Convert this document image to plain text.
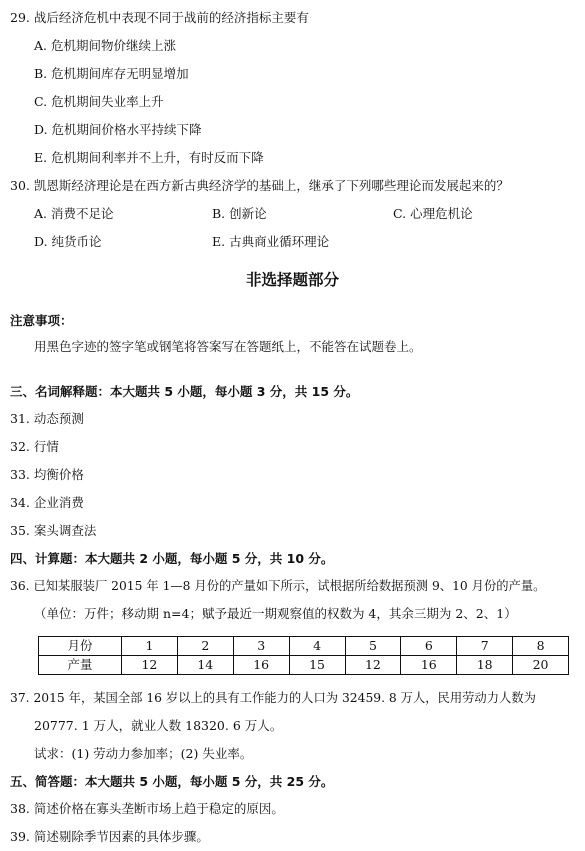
29. 战后经济危机中表现不同于战前的经济指标主要有
A. 危机期间物价继续上涨
B. 危机期间库存无明显增加
C. 危机期间失业率上升
D. 危机期间价格水平持续下降
E. 危机期间利率并不上升，有时反而下降
30. 凯恩斯经济理论是在西方新古典经济学的基础上，继承了下列哪些理论而发展起来的？
A. 消费不足论	B. 创新论	C. 心理危机论
D. 纯货币论	E. 古典商业循环理论
非选择题部分
注意事项：
用黑色字迹的签字笔或钢笔将答案写在答题纸上，不能答在试题卷上。
三、名词解释题：本大题共 5 小题，每小题 3 分，共 15 分。
31. 动态预测
32. 行情
33. 均衡价格
34. 企业消费
35. 案头调查法
四、计算题：本大题共 2 小题，每小题 5 分，共 10 分。
36. 已知某服装厂 2015 年 1—8 月份的产量如下所示，试根据所给数据预测 9、10 月份的产量。
（单位：万件；移动期 n=4；赋予最近一期观察值的权数为 4，其余三期为 2、2、1）
月份	1	2	3	4	5	6	7	8
产量	12	14	16	15	12	16	18	20
37. 2015 年，某国全部 16 岁以上的具有工作能力的人口为 32459. 8 万人，民用劳动力人数为
20777. 1 万人，就业人数 18320. 6 万人。
试求：(1) 劳动力参加率；(2) 失业率。
五、简答题：本大题共 5 小题，每小题 5 分，共 25 分。
38. 简述价格在寡头垄断市场上趋于稳定的原因。
39. 简述剔除季节因素的具体步骤。
